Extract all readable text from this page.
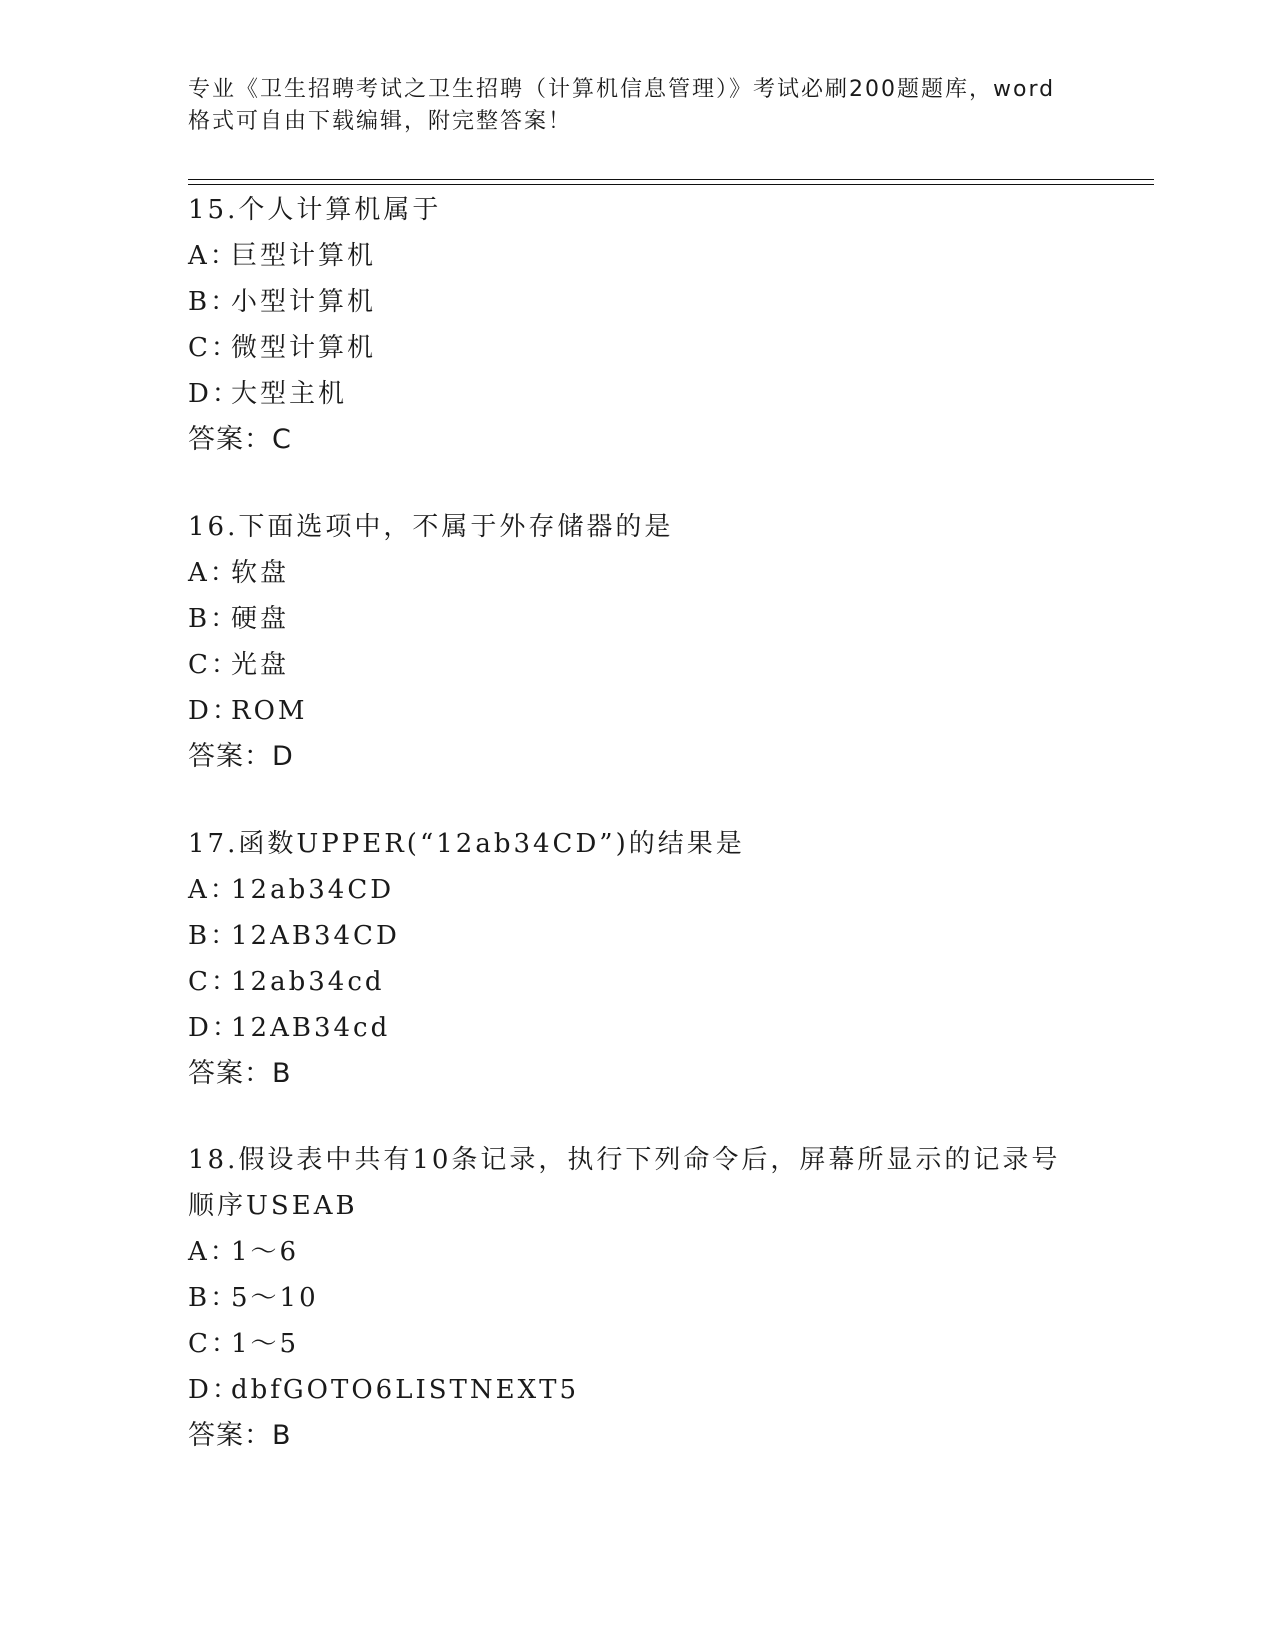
专业《卫生招聘考试之卫生招聘（计算机信息管理）》考试必刷200题题库，word
格式可自由下载编辑，附完整答案！

15.个人计算机属于

A：
巨型计算机

B：
小型计算机

C：
微型计算机

D：
大型主机

答案：C

16.下面选项中，不属于外存储器的是

A：
软盘

B：
硬盘

C：
光盘

D：
ROM

答案：D

17.函数UPPER(“12ab34CD”)的结果是

A：
12ab34CD

B：
12AB34CD

C：
12ab34cd

D：
12AB34cd

答案：B

18.假设表中共有10条记录，执行下列命令后，屏幕所显示的记录号

顺序USEAB

A：
1～6

B：
5～10

C：
1～5

D：
dbfGOTO6LISTNEXT5

答案：B
